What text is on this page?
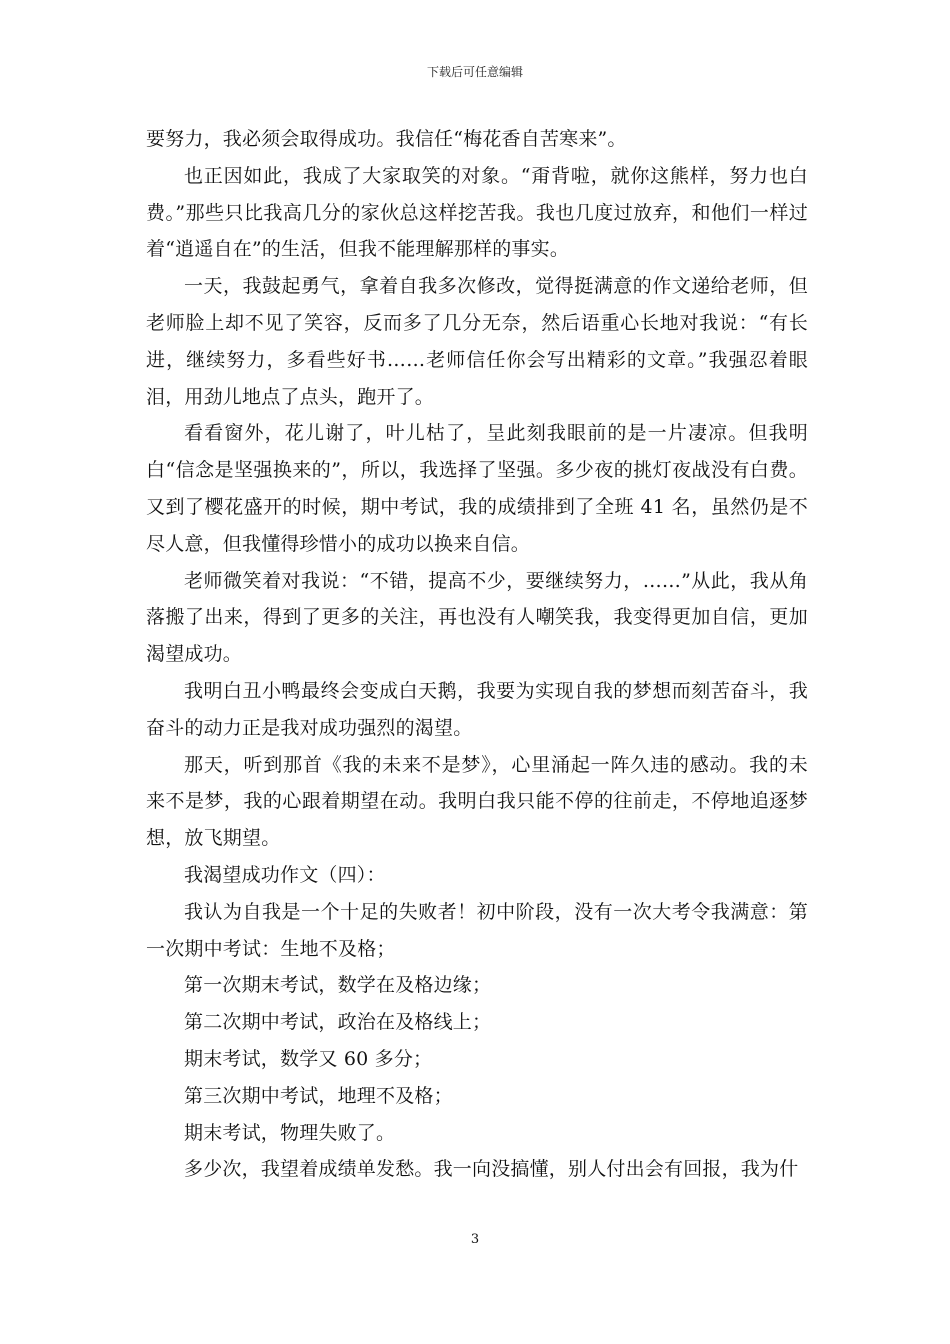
下载后可任意编辑

要努力，我必须会取得成功。我信任“梅花香自苦寒来”。

也正因如此，我成了大家取笑的对象。“甭背啦，就你这熊样，努力也白费。”那些只比我高几分的家伙总这样挖苦我。我也几度过放弃，和他们一样过着“逍遥自在”的生活，但我不能理解那样的事实。

一天，我鼓起勇气，拿着自我多次修改，觉得挺满意的作文递给老师，但老师脸上却不见了笑容，反而多了几分无奈，然后语重心长地对我说：“有长进，继续努力，多看些好书……老师信任你会写出精彩的文章。”我强忍着眼泪，用劲儿地点了点头，跑开了。

看看窗外，花儿谢了，叶儿枯了，呈此刻我眼前的是一片凄凉。但我明白“信念是坚强换来的”，所以，我选择了坚强。多少夜的挑灯夜战没有白费。又到了樱花盛开的时候，期中考试，我的成绩排到了全班 41 名，虽然仍是不尽人意，但我懂得珍惜小的成功以换来自信。

老师微笑着对我说：“不错，提高不少，要继续努力，……”从此，我从角落搬了出来，得到了更多的关注，再也没有人嘲笑我，我变得更加自信，更加渴望成功。

我明白丑小鸭最终会变成白天鹅，我要为实现自我的梦想而刻苦奋斗，我奋斗的动力正是我对成功强烈的渴望。

那天，听到那首《我的未来不是梦》，心里涌起一阵久违的感动。我的未来不是梦，我的心跟着期望在动。我明白我只能不停的往前走，不停地追逐梦想，放飞期望。

我渴望成功作文（四）：

我认为自我是一个十足的失败者！初中阶段，没有一次大考令我满意：第一次期中考试：生地不及格；

第一次期末考试，数学在及格边缘；

第二次期中考试，政治在及格线上；

期末考试，数学又 60 多分；

第三次期中考试，地理不及格；

期末考试，物理失败了。

多少次，我望着成绩单发愁。我一向没搞懂，别人付出会有回报，我为什

3
